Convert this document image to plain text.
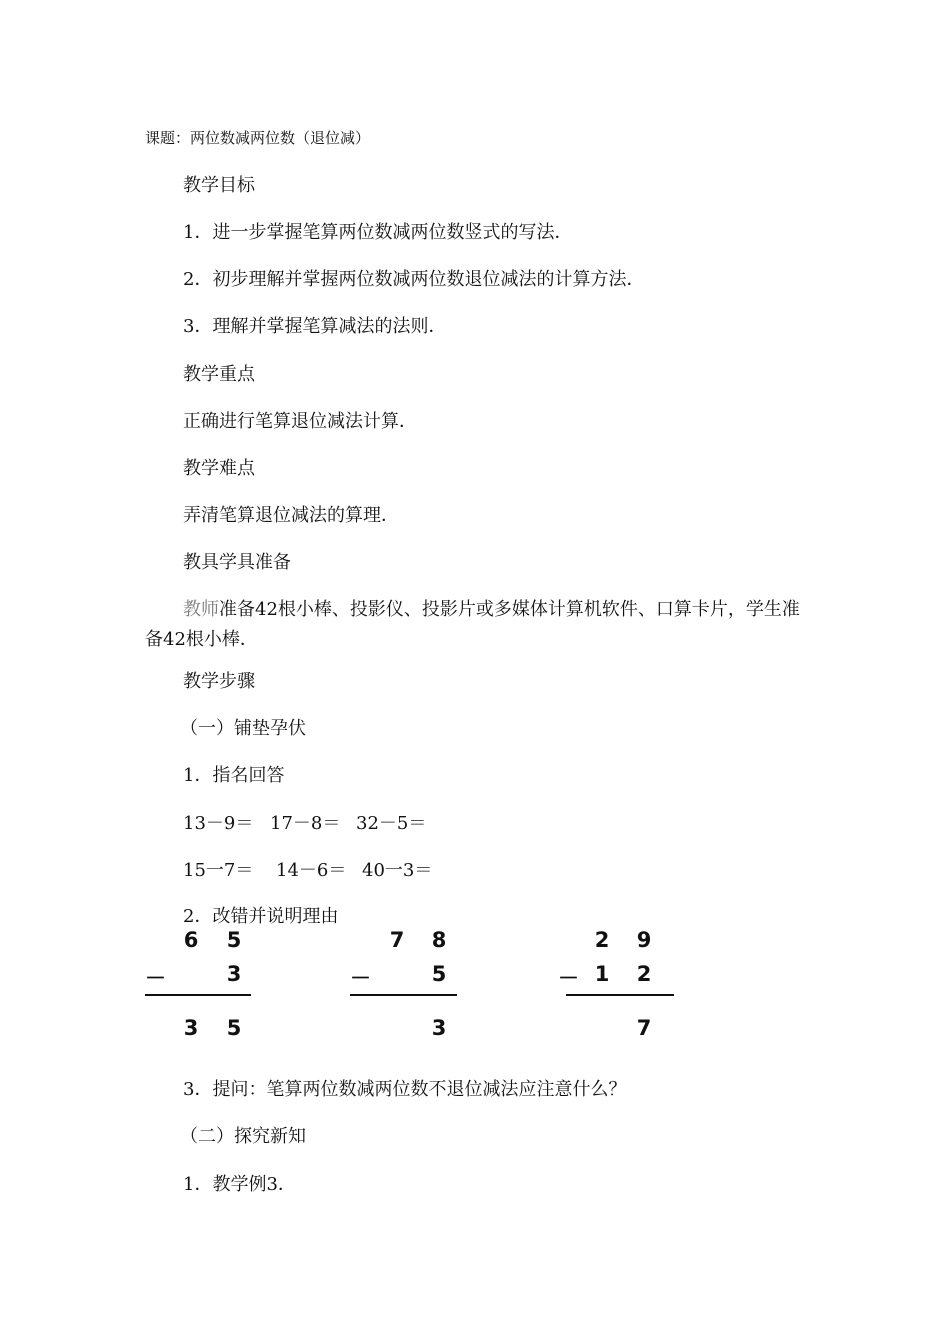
课题：两位数减两位数（退位减）
教学目标
1．进一步掌握笔算两位数减两位数竖式的写法．
2．初步理解并掌握两位数减两位数退位减法的计算方法．
3．理解并掌握笔算减法的法则．
教学重点
正确进行笔算退位减法计算．
教学难点
弄清笔算退位减法的算理．
教具学具准备
教师准备42根小棒、投影仪、投影片或多媒体计算机软件、口算卡片，学生准备42根小棒．
教学步骤
（一）铺垫孕伏
1．指名回答
13－9＝ 17－8＝ 32－5＝
15一7＝ 14－6＝ 40一3＝
2．改错并说明理由
6 5
－	3
3 5
7 8
－	5
3
2 9
－ 1 2
7
3．提问：笔算两位数减两位数不退位减法应注意什么？
（二）探究新知
1．教学例3．
